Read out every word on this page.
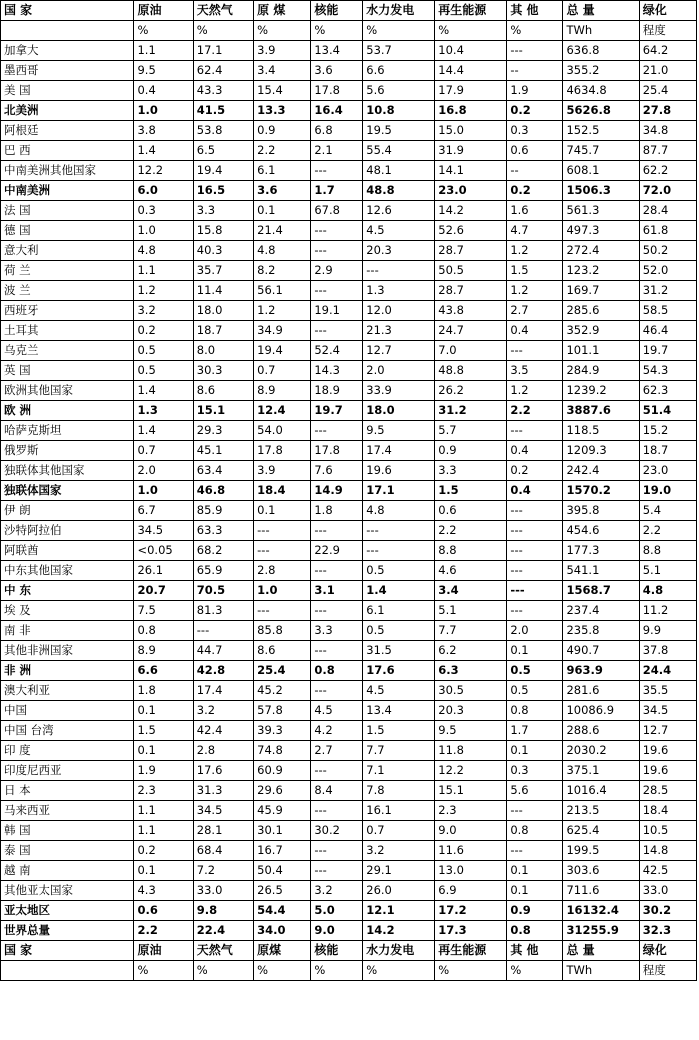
国 家	原油	天然气	原 煤	核能	水力发电	再生能源	其 他	总 量	绿化
	%	%	%	%	%	%	%	TWh	程度
加拿大	1.1	17.1	3.9	13.4	53.7	10.4	---	636.8	64.2
墨西哥	9.5	62.4	3.4	3.6	6.6	14.4	--	355.2	21.0
美 国	0.4	43.3	15.4	17.8	5.6	17.9	1.9	4634.8	25.4
北美洲	1.0	41.5	13.3	16.4	10.8	16.8	0.2	5626.8	27.8
阿根廷	3.8	53.8	0.9	6.8	19.5	15.0	0.3	152.5	34.8
巴 西	1.4	6.5	2.2	2.1	55.4	31.9	0.6	745.7	87.7
中南美洲其他国家	12.2	19.4	6.1	---	48.1	14.1	--	608.1	62.2
中南美洲	6.0	16.5	3.6	1.7	48.8	23.0	0.2	1506.3	72.0
法 国	0.3	3.3	0.1	67.8	12.6	14.2	1.6	561.3	28.4
德 国	1.0	15.8	21.4	---	4.5	52.6	4.7	497.3	61.8
意大利	4.8	40.3	4.8	---	20.3	28.7	1.2	272.4	50.2
荷 兰	1.1	35.7	8.2	2.9	---	50.5	1.5	123.2	52.0
波 兰	1.2	11.4	56.1	---	1.3	28.7	1.2	169.7	31.2
西班牙	3.2	18.0	1.2	19.1	12.0	43.8	2.7	285.6	58.5
土耳其	0.2	18.7	34.9	---	21.3	24.7	0.4	352.9	46.4
乌克兰	0.5	8.0	19.4	52.4	12.7	7.0	---	101.1	19.7
英 国	0.5	30.3	0.7	14.3	2.0	48.8	3.5	284.9	54.3
欧洲其他国家	1.4	8.6	8.9	18.9	33.9	26.2	1.2	1239.2	62.3
欧 洲	1.3	15.1	12.4	19.7	18.0	31.2	2.2	3887.6	51.4
哈萨克斯坦	1.4	29.3	54.0	---	9.5	5.7	---	118.5	15.2
俄罗斯	0.7	45.1	17.8	17.8	17.4	0.9	0.4	1209.3	18.7
独联体其他国家	2.0	63.4	3.9	7.6	19.6	3.3	0.2	242.4	23.0
独联体国家	1.0	46.8	18.4	14.9	17.1	1.5	0.4	1570.2	19.0
伊 朗	6.7	85.9	0.1	1.8	4.8	0.6	---	395.8	5.4
沙特阿拉伯	34.5	63.3	---	---	---	2.2	---	454.6	2.2
阿联酋	<0.05	68.2	---	22.9	---	8.8	---	177.3	8.8
中东其他国家	26.1	65.9	2.8	---	0.5	4.6	---	541.1	5.1
中 东	20.7	70.5	1.0	3.1	1.4	3.4	---	1568.7	4.8
埃 及	7.5	81.3	---	---	6.1	5.1	---	237.4	11.2
南 非	0.8	---	85.8	3.3	0.5	7.7	2.0	235.8	9.9
其他非洲国家	8.9	44.7	8.6	---	31.5	6.2	0.1	490.7	37.8
非 洲	6.6	42.8	25.4	0.8	17.6	6.3	0.5	963.9	24.4
澳大利亚	1.8	17.4	45.2	---	4.5	30.5	0.5	281.6	35.5
中国	0.1	3.2	57.8	4.5	13.4	20.3	0.8	10086.9	34.5
中国 台湾	1.5	42.4	39.3	4.2	1.5	9.5	1.7	288.6	12.7
印 度	0.1	2.8	74.8	2.7	7.7	11.8	0.1	2030.2	19.6
印度尼西亚	1.9	17.6	60.9	---	7.1	12.2	0.3	375.1	19.6
日 本	2.3	31.3	29.6	8.4	7.8	15.1	5.6	1016.4	28.5
马来西亚	1.1	34.5	45.9	---	16.1	2.3	---	213.5	18.4
韩 国	1.1	28.1	30.1	30.2	0.7	9.0	0.8	625.4	10.5
泰 国	0.2	68.4	16.7	---	3.2	11.6	---	199.5	14.8
越 南	0.1	7.2	50.4	---	29.1	13.0	0.1	303.6	42.5
其他亚太国家	4.3	33.0	26.5	3.2	26.0	6.9	0.1	711.6	33.0
亚太地区	0.6	9.8	54.4	5.0	12.1	17.2	0.9	16132.4	30.2
世界总量	2.2	22.4	34.0	9.0	14.2	17.3	0.8	31255.9	32.3
国 家	原油	天然气	原煤	核能	水力发电	再生能源	其 他	总 量	绿化
	%	%	%	%	%	%	%	TWh	程度
